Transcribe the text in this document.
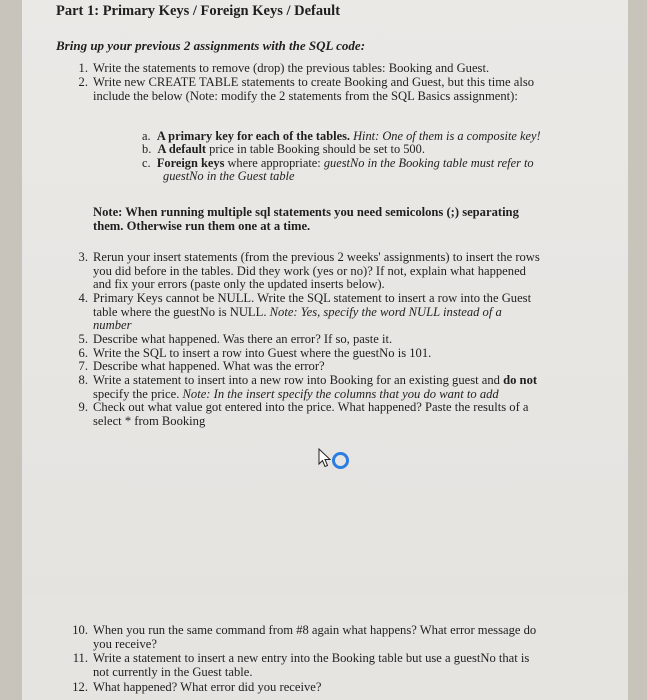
Part 1: Primary Keys / Foreign Keys / Default
Bring up your previous 2 assignments with the SQL code:
1. Write the statements to remove (drop) the previous tables: Booking and Guest.
2. Write new CREATE TABLE statements to create Booking and Guest, but this time also
include the below (Note: modify the 2 statements from the SQL Basics assignment):
a. A primary key for each of the tables. Hint: One of them is a composite key!
b. A default price in table Booking should be set to 500.
c. Foreign keys where appropriate: guestNo in the Booking table must refer to
guestNo in the Guest table
Note: When running multiple sql statements you need semicolons (;) separating
them. Otherwise run them one at a time.
3. Rerun your insert statements (from the previous 2 weeks' assignments) to insert the rows
you did before in the tables. Did they work (yes or no)? If not, explain what happened
and fix your errors (paste only the updated inserts below).
4. Primary Keys cannot be NULL. Write the SQL statement to insert a row into the Guest
table where the guestNo is NULL. Note: Yes, specify the word NULL instead of a
number
5. Describe what happened. Was there an error? If so, paste it.
6. Write the SQL to insert a row into Guest where the guestNo is 101.
7. Describe what happened. What was the error?
8. Write a statement to insert into a new row into Booking for an existing guest and do not
specify the price. Note: In the insert specify the columns that you do want to add
9. Check out what value got entered into the price. What happened? Paste the results of a
select * from Booking
10. When you run the same command from #8 again what happens? What error message do
you receive?
11. Write a statement to insert a new entry into the Booking table but use a guestNo that is
not currently in the Guest table.
12. What happened? What error did you receive?
